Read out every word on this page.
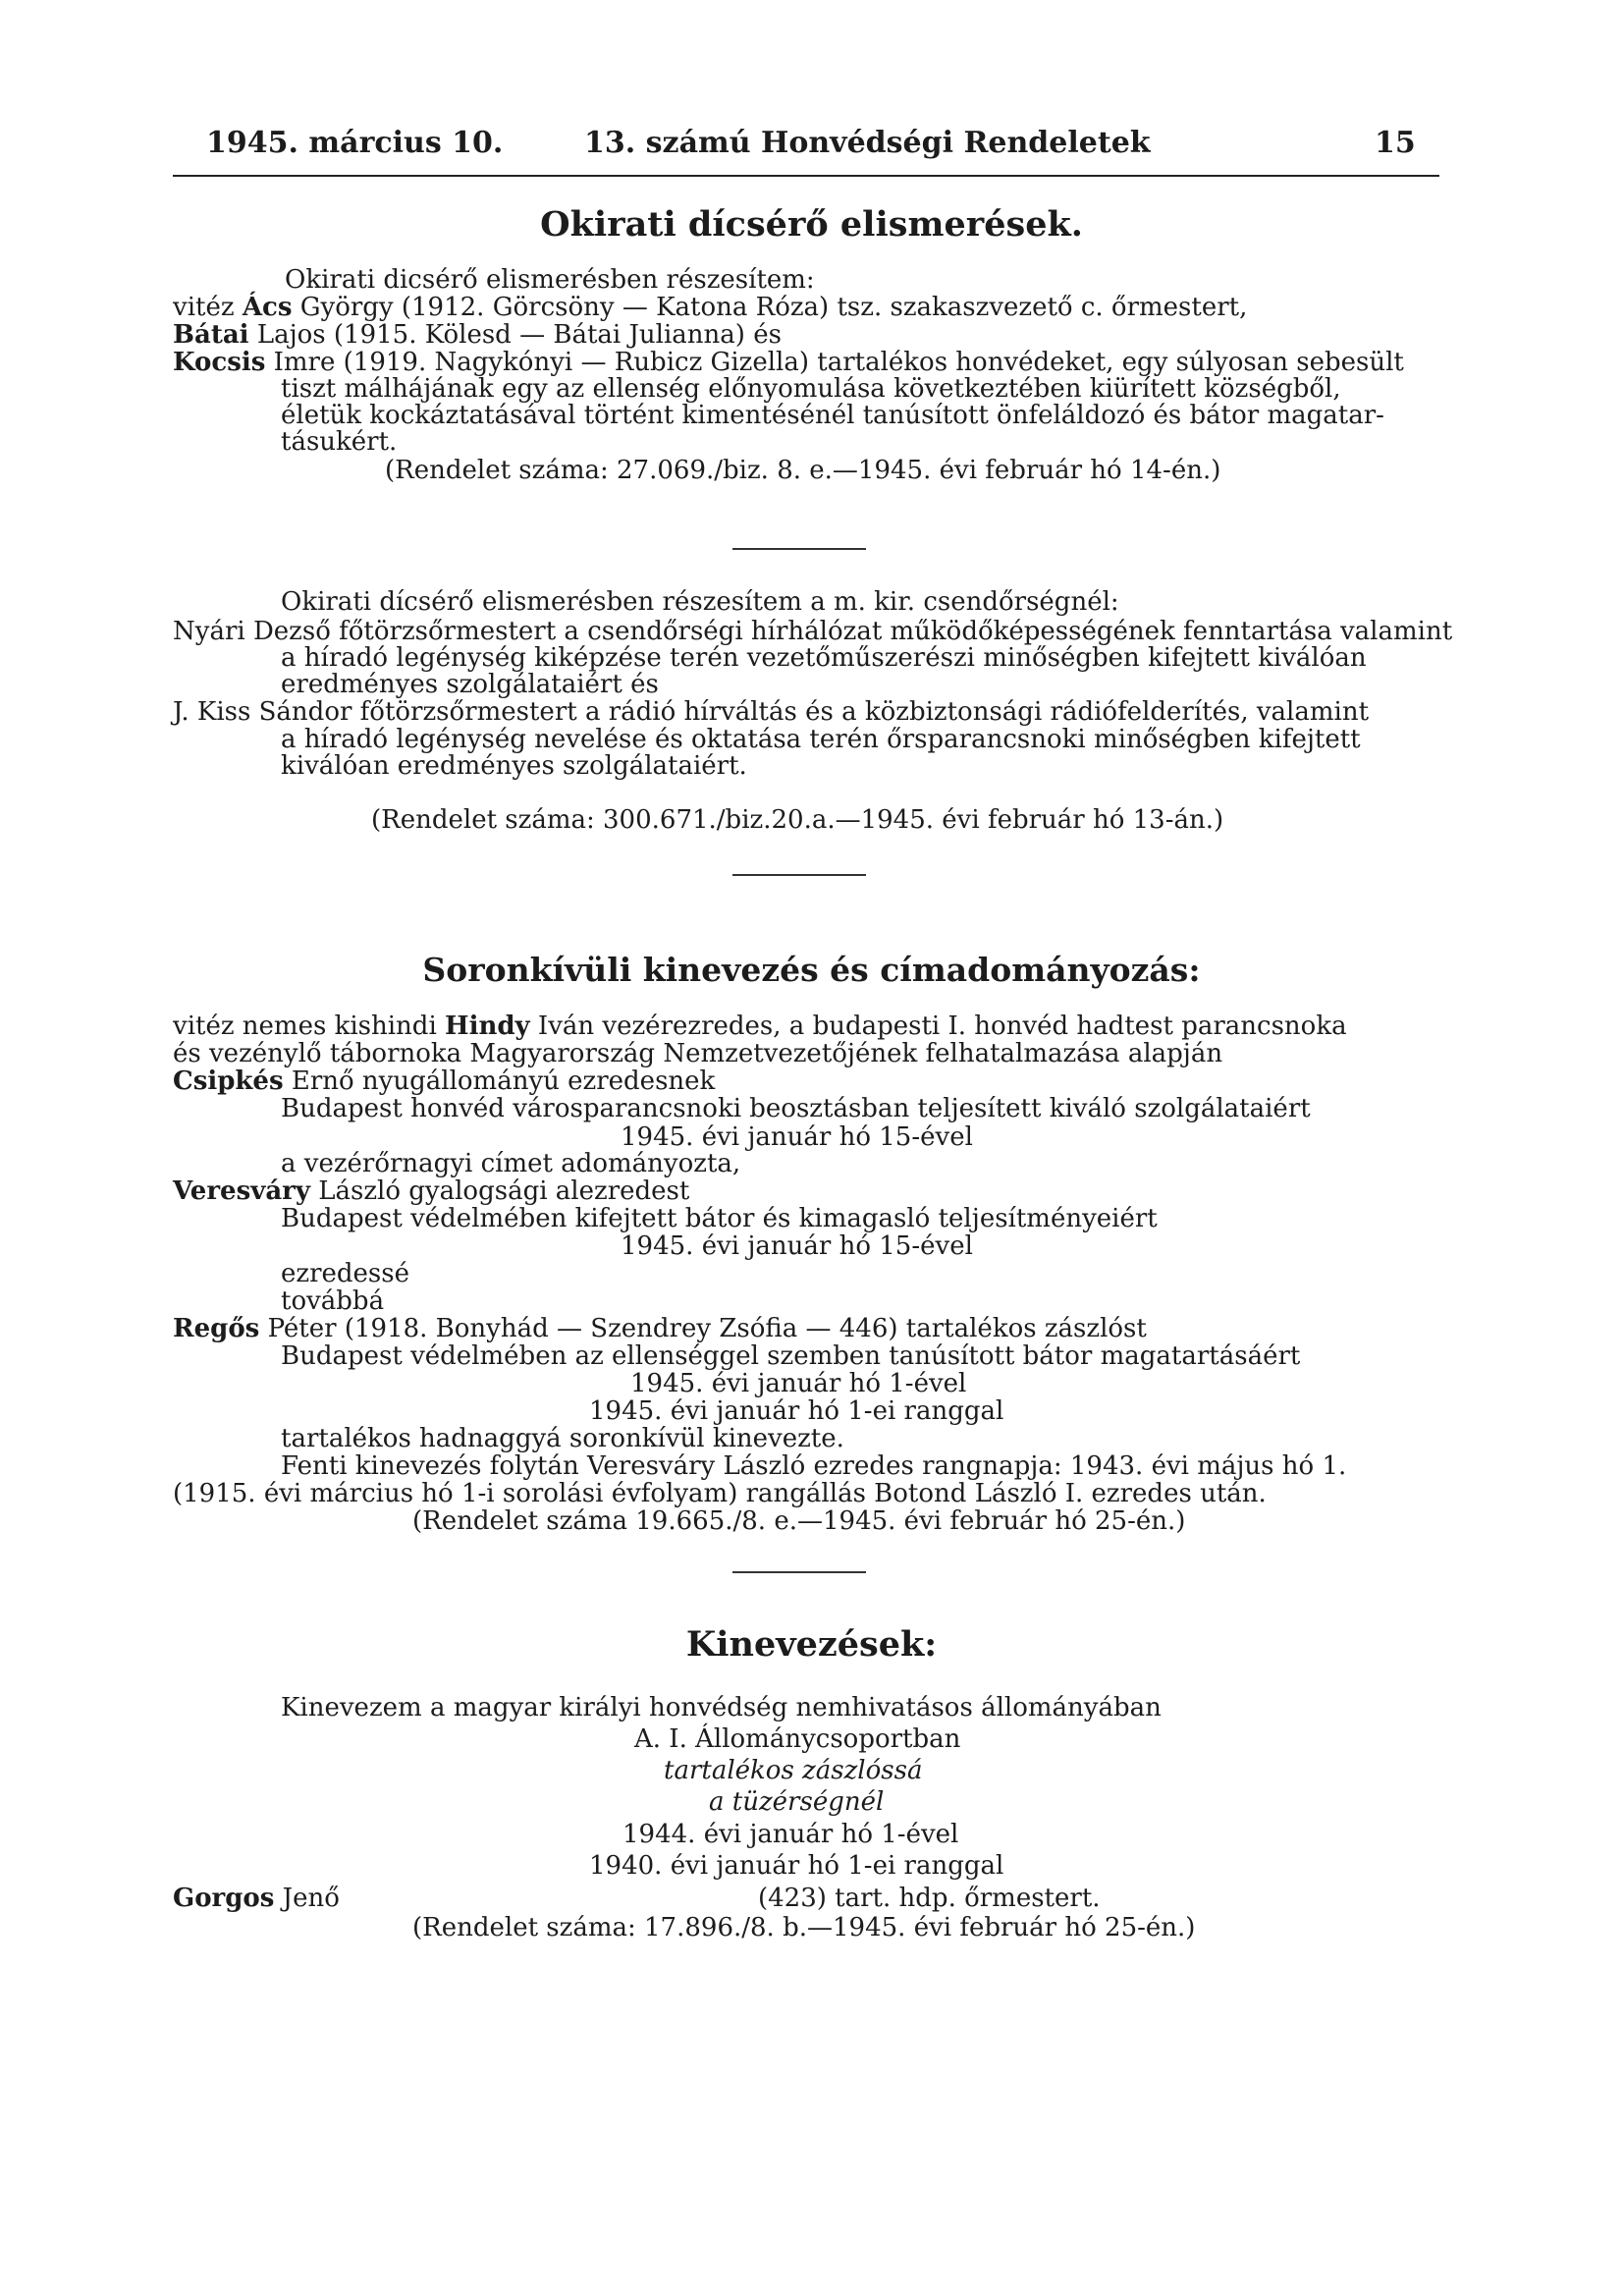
1945. március 10.	13. számú Honvédségi Rendeletek	15
Okirati dícsérő elismerések.
Okirati dicsérő elismerésben részesítem:
vitéz Ács György (1912. Görcsöny — Katona Róza) tsz. szakaszvezető c. őrmestert,
Bátai Lajos (1915. Kölesd — Bátai Julianna) és
Kocsis Imre (1919. Nagykónyi — Rubicz Gizella) tartalékos honvédeket, egy súlyosan sebesült
tiszt málhájának egy az ellenség előnyomulása következtében kiürített községből,
életük kockáztatásával történt kimentésénél tanúsított önfeláldozó és bátor magatar-
tásukért.
(Rendelet száma: 27.069./biz. 8. e.—1945. évi február hó 14-én.)
Okirati dícsérő elismerésben részesítem a m. kir. csendőrségnél:
Nyári Dezső főtörzsőrmestert a csendőrségi hírhálózat működőképességének fenntartása valamint
a híradó legénység kiképzése terén vezetőműszerészi minőségben kifejtett kiválóan
eredményes szolgálataiért és
J. Kiss Sándor főtörzsőrmestert a rádió hírváltás és a közbiztonsági rádiófelderítés, valamint
a híradó legénység nevelése és oktatása terén őrsparancsnoki minőségben kifejtett
kiválóan eredményes szolgálataiért.
(Rendelet száma: 300.671./biz.20.a.—1945. évi február hó 13-án.)
Soronkívüli kinevezés és címadományozás:
vitéz nemes kishindi Hindy Iván vezérezredes, a budapesti I. honvéd hadtest parancsnoka
és vezénylő tábornoka Magyarország Nemzetvezetőjének felhatalmazása alapján
Csipkés Ernő nyugállományú ezredesnek
Budapest honvéd városparancsnoki beosztásban teljesített kiváló szolgálataiért
1945. évi január hó 15-ével
a vezérőrnagyi címet adományozta,
Veresváry László gyalogsági alezredest
Budapest védelmében kifejtett bátor és kimagasló teljesítményeiért
1945. évi január hó 15-ével
ezredessé
továbbá
Regős Péter (1918. Bonyhád — Szendrey Zsófia — 446) tartalékos zászlóst
Budapest védelmében az ellenséggel szemben tanúsított bátor magatartásáért
1945. évi január hó 1-ével
1945. évi január hó 1-ei ranggal
tartalékos hadnaggyá soronkívül kinevezte.
Fenti kinevezés folytán Veresváry László ezredes rangnapja: 1943. évi május hó 1.
(1915. évi március hó 1-i sorolási évfolyam) rangállás Botond László I. ezredes után.
(Rendelet száma 19.665./8. e.—1945. évi február hó 25-én.)
Kinevezések:
Kinevezem a magyar királyi honvédség nemhivatásos állományában
A. I. Állománycsoportban
tartalékos zászlóssá
a tüzérségnél
1944. évi január hó 1-ével
1940. évi január hó 1-ei ranggal
Gorgos Jenő	(423) tart. hdp. őrmestert.
(Rendelet száma: 17.896./8. b.—1945. évi február hó 25-én.)
